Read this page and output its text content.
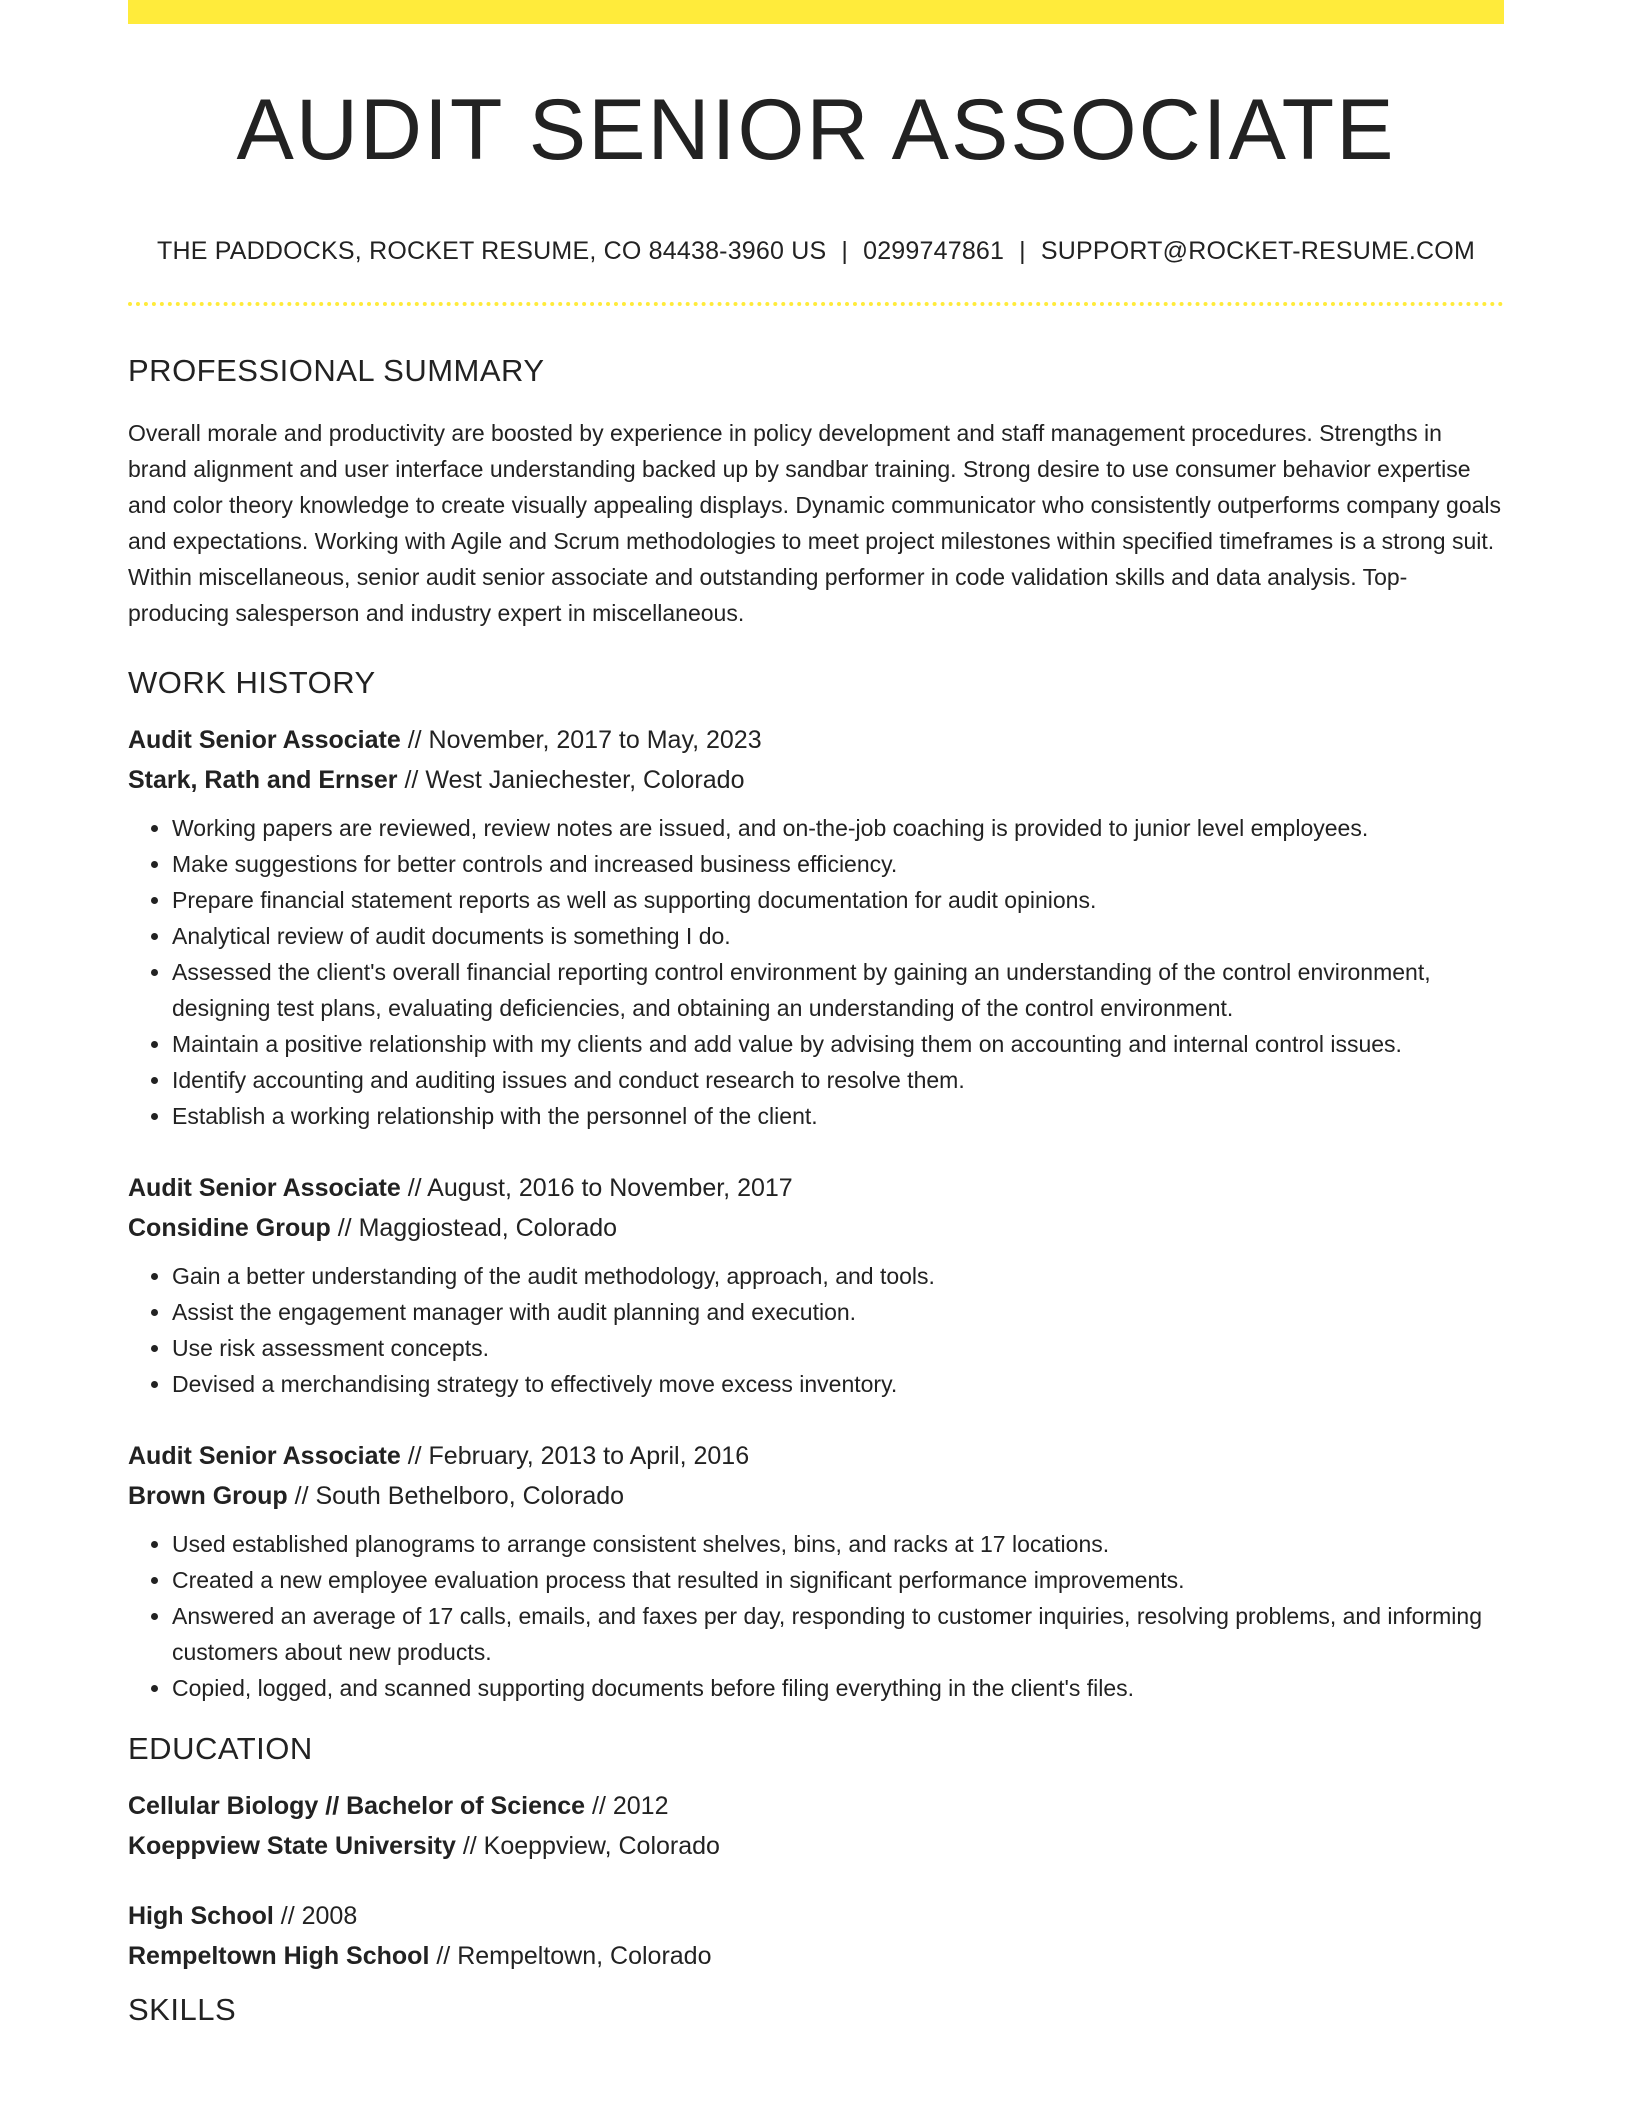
AUDIT SENIOR ASSOCIATE
THE PADDOCKS, ROCKET RESUME, CO 84438-3960 US | 0299747861 | SUPPORT@ROCKET-RESUME.COM
PROFESSIONAL SUMMARY

Overall morale and productivity are boosted by experience in policy development and staff management procedures. Strengths in brand alignment and user interface understanding backed up by sandbar training. Strong desire to use consumer behavior expertise and color theory knowledge to create visually appealing displays. Dynamic communicator who consistently outperforms company goals and expectations. Working with Agile and Scrum methodologies to meet project milestones within specified timeframes is a strong suit. Within miscellaneous, senior audit senior associate and outstanding performer in code validation skills and data analysis. Top-producing salesperson and industry expert in miscellaneous.

WORK HISTORY
Audit Senior Associate // November, 2017 to May, 2023
Stark, Rath and Ernser // West Janiechester, Colorado
• Working papers are reviewed, review notes are issued, and on-the-job coaching is provided to junior level employees.
• Make suggestions for better controls and increased business efficiency.
• Prepare financial statement reports as well as supporting documentation for audit opinions.
• Analytical review of audit documents is something I do.
• Assessed the client's overall financial reporting control environment by gaining an understanding of the control environment, designing test plans, evaluating deficiencies, and obtaining an understanding of the control environment.
• Maintain a positive relationship with my clients and add value by advising them on accounting and internal control issues.
• Identify accounting and auditing issues and conduct research to resolve them.
• Establish a working relationship with the personnel of the client.
Audit Senior Associate // August, 2016 to November, 2017
Considine Group // Maggiostead, Colorado
• Gain a better understanding of the audit methodology, approach, and tools.
• Assist the engagement manager with audit planning and execution.
• Use risk assessment concepts.
• Devised a merchandising strategy to effectively move excess inventory.
Audit Senior Associate // February, 2013 to April, 2016
Brown Group // South Bethelboro, Colorado
• Used established planograms to arrange consistent shelves, bins, and racks at 17 locations.
• Created a new employee evaluation process that resulted in significant performance improvements.
• Answered an average of 17 calls, emails, and faxes per day, responding to customer inquiries, resolving problems, and informing customers about new products.
• Copied, logged, and scanned supporting documents before filing everything in the client's files.
EDUCATION
Cellular Biology // Bachelor of Science // 2012
Koeppview State University // Koeppview, Colorado
High School // 2008
Rempeltown High School // Rempeltown, Colorado
SKILLS
